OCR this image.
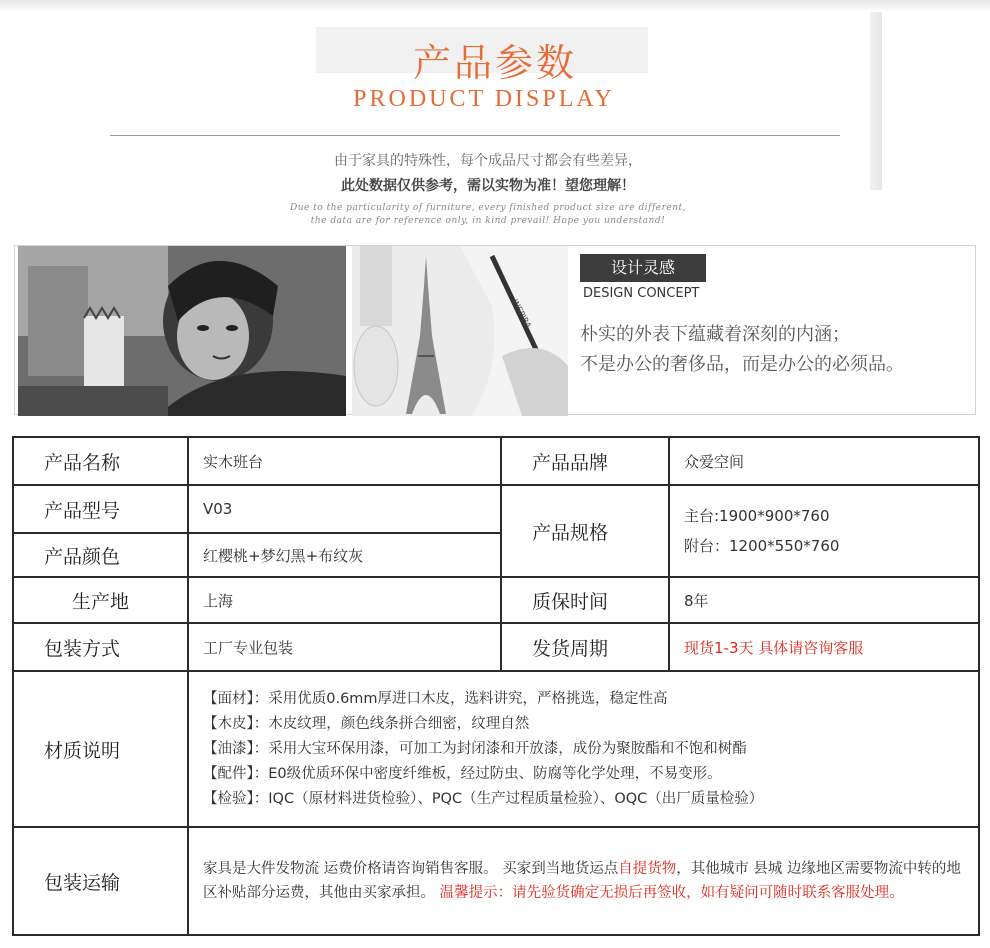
产品参数
PRODUCT DISPLAY
由于家具的特殊性，每个成品尺寸都会有些差异，
此处数据仅供参考，需以实物为准！望您理解！
Due to the particularity of furniture, every finished product size are different,
the data are for reference only, in kind prevail! Hope you understand!
INSPIRA
设计灵感
DESIGN CONCEPT
朴实的外表下蕴藏着深刻的内涵；
不是办公的奢侈品，而是办公的必须品。
产品名称	实木班台	产品品牌	众爱空间
产品型号	V03	产品规格	主台:1900*900*760
附台：1200*550*760

产品颜色	红樱桃+梦幻黑+布纹灰		
生产地	上海	质保时间	8年
包装方式	工厂专业包装	发货周期	现货1-3天 具体请咨询客服
材质说明	【面材】：采用优质0.6mm厚进口木皮，选料讲究，严格挑选，稳定性高
【木皮】：木皮纹理，颜色线条拼合细密，纹理自然
【油漆】：采用大宝环保用漆，可加工为封闭漆和开放漆，成份为聚胺酯和不饱和树酯
【配件】：E0级优质环保中密度纤维板，经过防虫、防腐等化学处理，不易变形。
【检验】：IQC（原材料进货检验）、PQC（生产过程质量检验）、OQC（出厂质量检验）		

包装运输	家具是大件发物流 运费价格请咨询销售客服。 买家到当地货运点自提货物，其他城市 县城 边缘地区需要物流中转的地区补贴部分运费，其他由买家承担。 温馨提示：请先验货确定无损后再签收，如有疑问可随时联系客服处理。		
